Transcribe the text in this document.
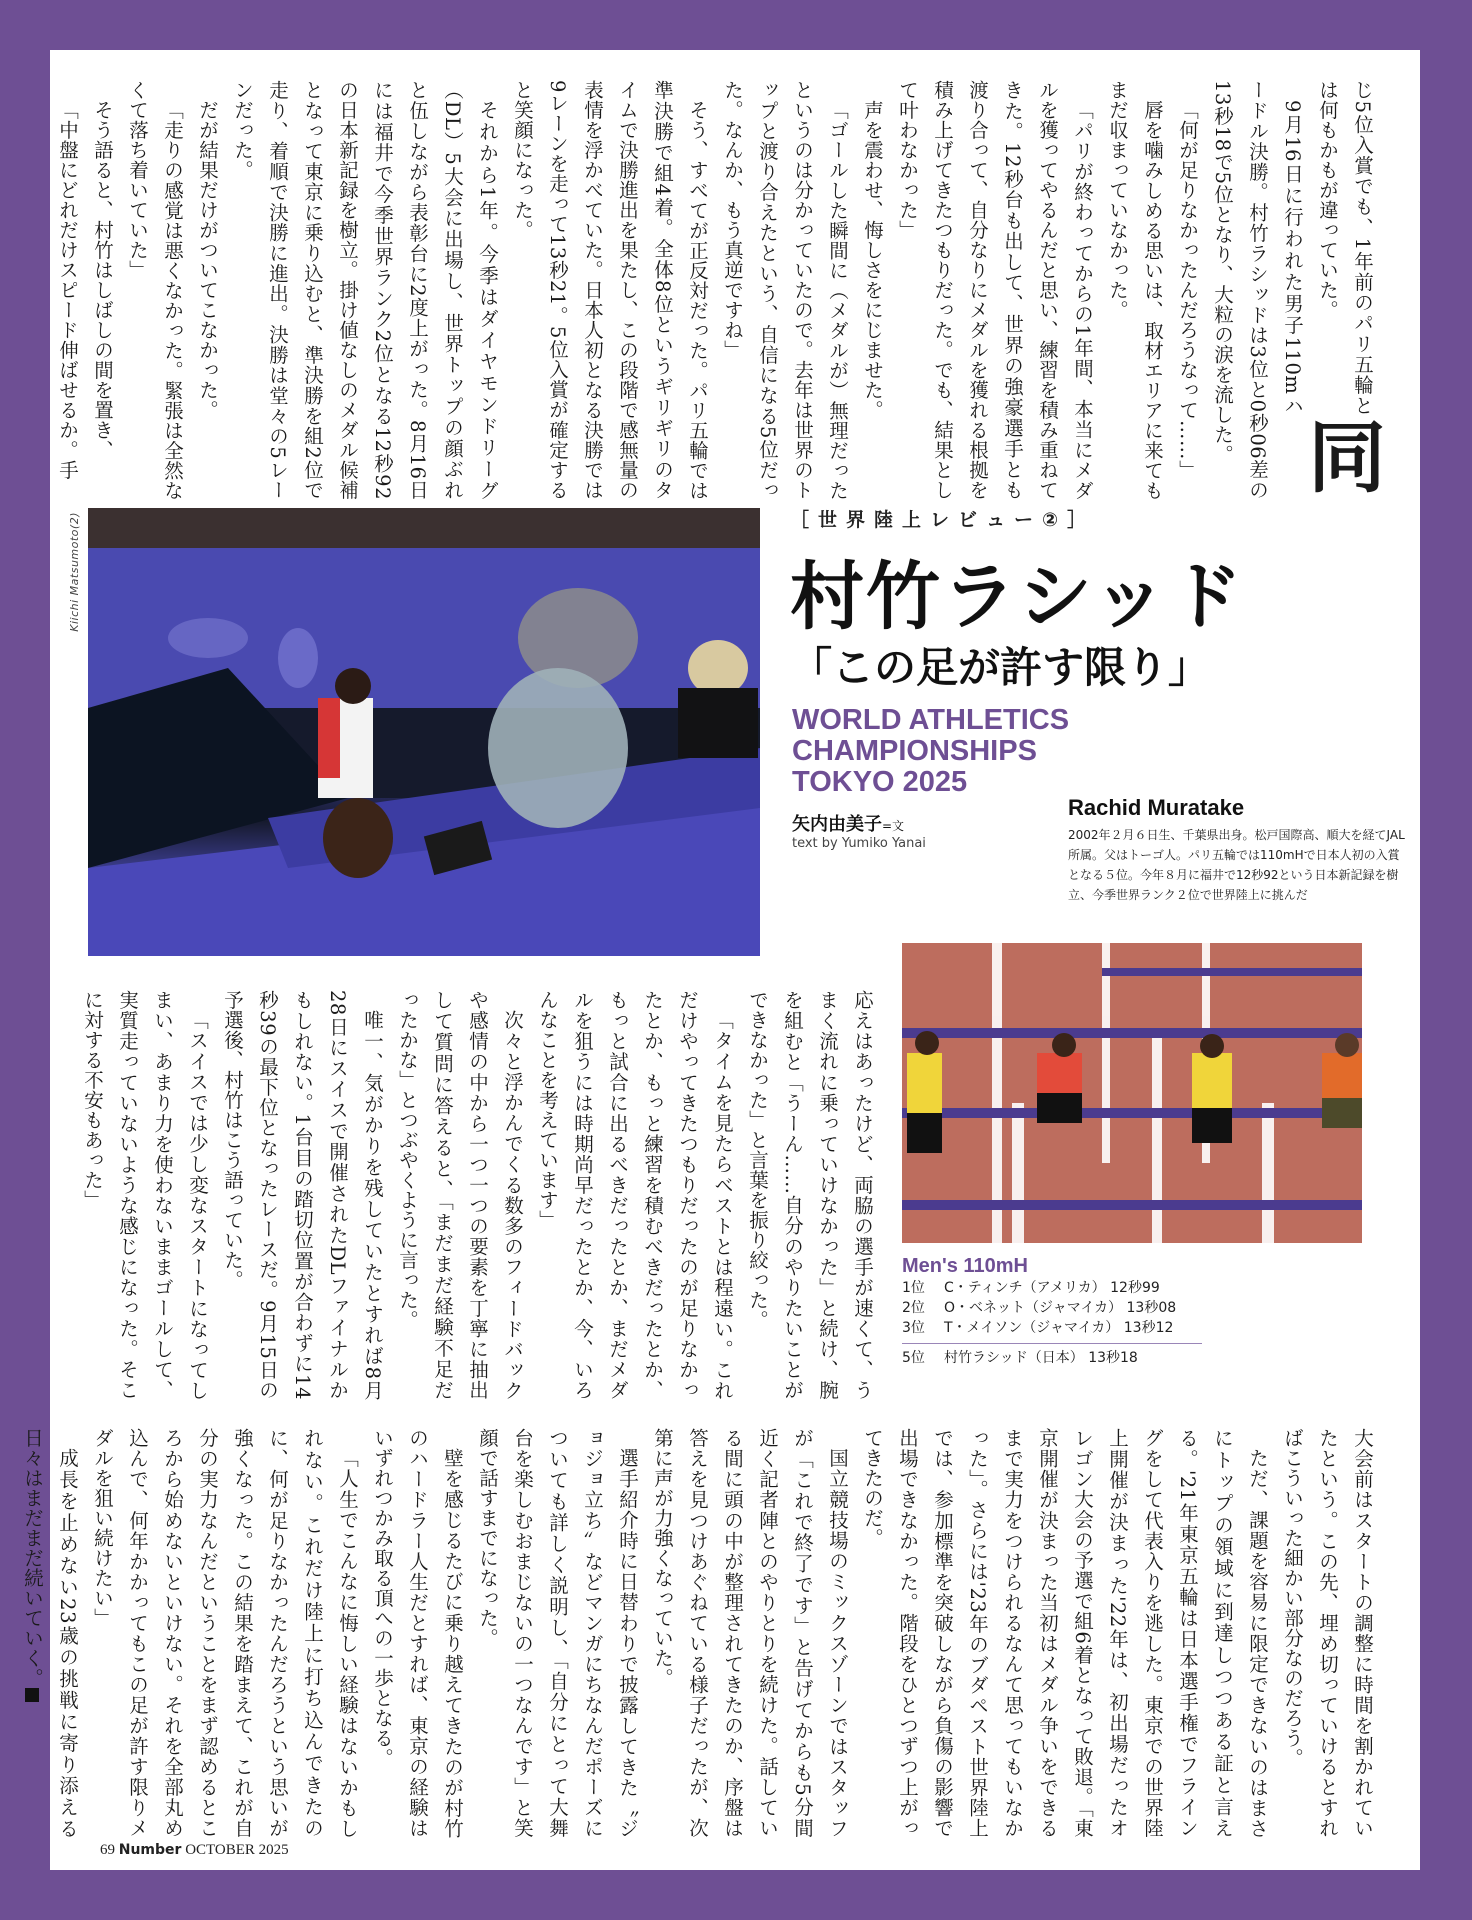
同
じ5位入賞でも、1年前のパリ五輪とは何もかもが違っていた。

9月16日に行われた男子110mハードル決勝。村竹ラシッドは3位と0秒06差の13秒18で5位となり、大粒の涙を流した。

「何が足りなかったんだろうなって……」

唇を噛みしめる思いは、取材エリアに来てもまだ収まっていなかった。

「パリが終わってからの1年間、本当にメダルを獲ってやるんだと思い、練習を積み重ねてきた。12秒台も出して、世界の強豪選手とも渡り合って、自分なりにメダルを獲れる根拠を積み上げてきたつもりだった。でも、結果として叶わなかった」

声を震わせ、悔しさをにじませた。

「ゴールした瞬間に（メダルが）無理だったというのは分かっていたので。去年は世界のトップと渡り合えたという、自信になる5位だった。なんか、もう真逆ですね」

そう、すべてが正反対だった。パリ五輪では準決勝で組4着。全体8位というギリギリのタイムで決勝進出を果たし、この段階で感無量の表情を浮かべていた。日本人初となる決勝では9レーンを走って13秒21。5位入賞が確定すると笑顔になった。

それから1年。今季はダイヤモンドリーグ（DL）5大会に出場し、世界トップの顔ぶれと伍しながら表彰台に2度上がった。8月16日には福井で今季世界ランク2位となる12秒92の日本新記録を樹立。掛け値なしのメダル候補となって東京に乗り込むと、準決勝を組2位で走り、着順で決勝に進出。決勝は堂々の5レーンだった。

だが結果だけがついてこなかった。

「走りの感覚は悪くなかった。緊張は全然なくて落ち着いていた」

そう語ると、村竹はしばしの間を置き、

「中盤にどれだけスピード伸ばせるか。手

Kiichi Matsumoto(2)	［世界陸上レビュー②］
村竹ラシッド
「この足が許す限り」
WORLD ATHLETICS
CHAMPIONSHIPS
TOKYO 2025
矢内由美子=文
text by Yumiko Yanai
Rachid Muratake
2002年２月６日生、千葉県出身。松戸国際高、順大を経てJAL所属。父はトーゴ人。パリ五輪では110mHで日本人初の入賞となる５位。今年８月に福井で12秒92という日本新記録を樹立、今季世界ランク２位で世界陸上に挑んだ
Men's 110mH
1位 C・ティンチ（アメリカ） 12秒99
2位 O・ベネット（ジャマイカ） 13秒08
3位 T・メイソン（ジャマイカ） 13秒12
5位 村竹ラシッド（日本） 13秒18

応えはあったけど、両脇の選手が速くて、うまく流れに乗っていけなかった」と続け、腕を組むと「うーん……自分のやりたいことができなかった」と言葉を振り絞った。

「タイムを見たらベストとは程遠い。これだけやってきたつもりだったのが足りなかったとか、もっと練習を積むべきだったとか、もっと試合に出るべきだったとか、まだメダルを狙うには時期尚早だったとか、今、いろんなことを考えています」

次々と浮かんでくる数多のフィードバックや感情の中から一つ一つの要素を丁寧に抽出して質問に答えると、「まだまだ経験不足だったかな」とつぶやくように言った。

唯一、気がかりを残していたとすれば8月28日にスイスで開催されたDLファイナルかもしれない。1台目の踏切位置が合わずに14秒39の最下位となったレースだ。9月15日の予選後、村竹はこう語っていた。

「スイスでは少し変なスタートになってしまい、あまり力を使わないままゴールして、実質走っていないような感じになった。そこに対する不安もあった」

大会前はスタートの調整に時間を割かれていたという。この先、埋め切っていけるとすればこういった細かい部分なのだろう。

ただ、課題を容易に限定できないのはまさにトップの領域に到達しつつある証と言える。'21年東京五輪は日本選手権でフライングをして代表入りを逃した。東京での世界陸上開催が決まった'22年は、初出場だったオレゴン大会の予選で組6着となって敗退。「東京開催が決まった当初はメダル争いをできるまで実力をつけられるなんて思ってもいなかった」。さらには'23年のブダペスト世界陸上では、参加標準を突破しながら負傷の影響で出場できなかった。階段をひとつずつ上がってきたのだ。

国立競技場のミックスゾーンではスタッフが「これで終了です」と告げてからも5分間近く記者陣とのやりとりを続けた。話している間に頭の中が整理されてきたのか、序盤は答えを見つけあぐねている様子だったが、次第に声が力強くなっていた。

選手紹介時に日替わりで披露してきた〝ジョジョ立ち〟などマンガにちなんだポーズについても詳しく説明し、「自分にとって大舞台を楽しむおまじないの一つなんです」と笑顔で話すまでになった。

壁を感じるたびに乗り越えてきたのが村竹のハードラー人生だとすれば、東京の経験はいずれつかみ取る頂への一歩となる。

「人生でこんなに悔しい経験はないかもしれない。これだけ陸上に打ち込んできたのに、何が足りなかったんだろうという思いが強くなった。この結果を踏まえて、これが自分の実力なんだということをまず認めるところから始めないといけない。それを全部丸め込んで、何年かかってもこの足が許す限りメダルを狙い続けたい」

成長を止めない23歳の挑戦に寄り添える日々はまだまだ続いていく。

69 Number OCTOBER 2025
